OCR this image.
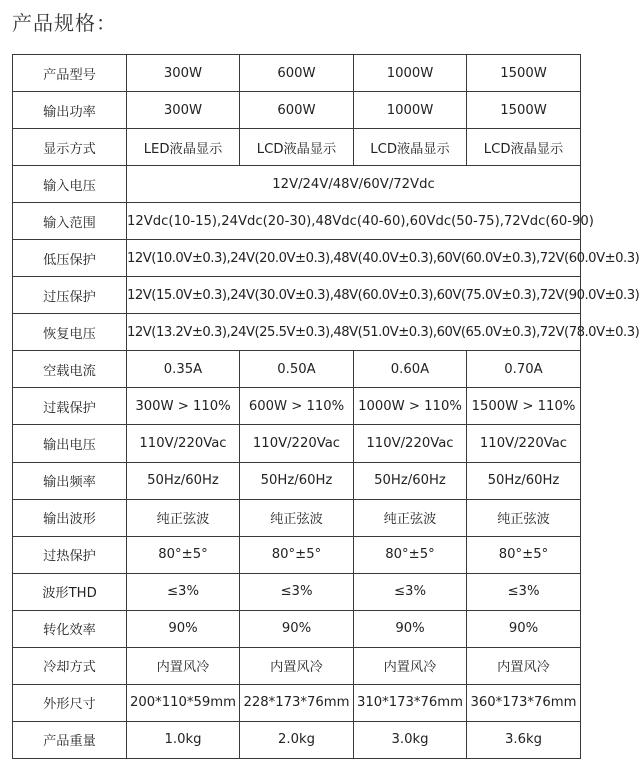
产品规格：
产品型号	300W	600W	1000W	1500W
输出功率	300W	600W	1000W	1500W
显示方式	LED液晶显示	LCD液晶显示	LCD液晶显示	LCD液晶显示
输入电压	12V/24V/48V/60V/72Vdc			
输入范围	12Vdc(10-15),24Vdc(20-30),48Vdc(40-60),60Vdc(50-75),72Vdc(60-90)			
低压保护	12V(10.0V±0.3),24V(20.0V±0.3),48V(40.0V±0.3),60V(60.0V±0.3),72V(60.0V±0.3)			
过压保护	12V(15.0V±0.3),24V(30.0V±0.3),48V(60.0V±0.3),60V(75.0V±0.3),72V(90.0V±0.3)			
恢复电压	12V(13.2V±0.3),24V(25.5V±0.3),48V(51.0V±0.3),60V(65.0V±0.3),72V(78.0V±0.3)			
空载电流	0.35A	0.50A	0.60A	0.70A
过载保护	300W > 110%	600W > 110%	1000W > 110%	1500W > 110%
输出电压	110V/220Vac	110V/220Vac	110V/220Vac	110V/220Vac
输出频率	50Hz/60Hz	50Hz/60Hz	50Hz/60Hz	50Hz/60Hz
输出波形	纯正弦波	纯正弦波	纯正弦波	纯正弦波
过热保护	80°±5°	80°±5°	80°±5°	80°±5°
波形THD	≤3%	≤3%	≤3%	≤3%
转化效率	90%	90%	90%	90%
冷却方式	内置风冷	内置风冷	内置风冷	内置风冷
外形尺寸	200*110*59mm	228*173*76mm	310*173*76mm	360*173*76mm
产品重量	1.0kg	2.0kg	3.0kg	3.6kg
